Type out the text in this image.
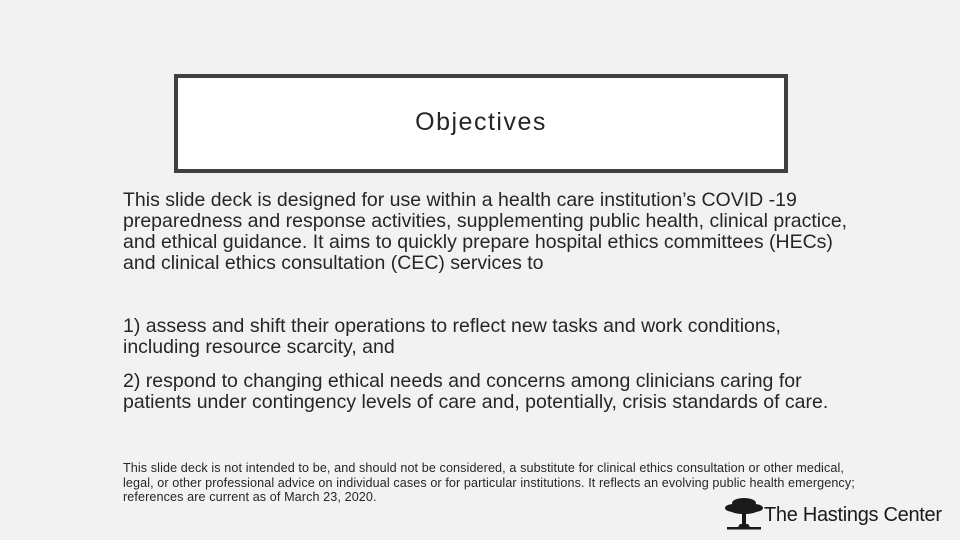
Objectives

This slide deck is designed for use within a health care institution’s COVID -19 preparedness and response activities, supplementing public health, clinical practice, and ethical guidance. It aims to quickly prepare hospital ethics committees (HECs) and clinical ethics consultation (CEC) services to

1) assess and shift their operations to reflect new tasks and work conditions, including resource scarcity, and

2) respond to changing ethical needs and concerns among clinicians caring for patients under contingency levels of care and, potentially, crisis standards of care.

This slide deck is not intended to be, and should not be considered, a substitute for clinical ethics consultation or other medical, legal, or other professional advice on individual cases or for particular institutions. It reflects an evolving public health emergency; references are current as of March 23, 2020.

The Hastings Center
